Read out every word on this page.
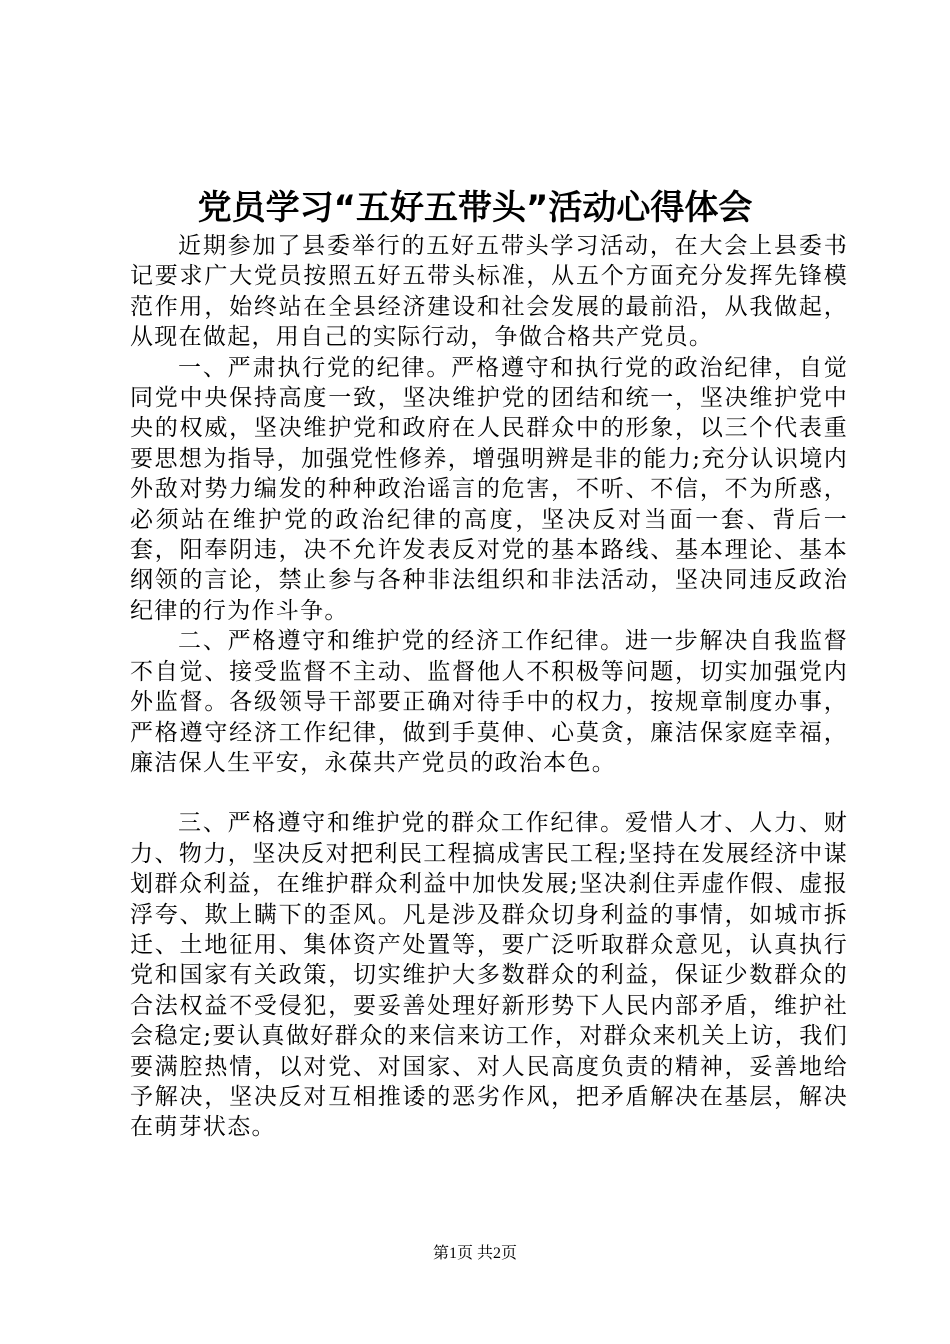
党员学习“五好五带头”活动心得体会

近期参加了县委举行的五好五带头学习活动，在大会上县委书记要求广大党员按照五好五带头标准，从五个方面充分发挥先锋模范作用，始终站在全县经济建设和社会发展的最前沿，从我做起，从现在做起，用自己的实际行动，争做合格共产党员。

一、严肃执行党的纪律。严格遵守和执行党的政治纪律，自觉同党中央保持高度一致，坚决维护党的团结和统一，坚决维护党中央的权威，坚决维护党和政府在人民群众中的形象，以三个代表重要思想为指导，加强党性修养，增强明辨是非的能力;充分认识境内外敌对势力编发的种种政治谣言的危害，不听、不信，不为所惑，必须站在维护党的政治纪律的高度，坚决反对当面一套、背后一套，阳奉阴违，决不允许发表反对党的基本路线、基本理论、基本纲领的言论，禁止参与各种非法组织和非法活动，坚决同违反政治纪律的行为作斗争。

二、严格遵守和维护党的经济工作纪律。进一步解决自我监督不自觉、接受监督不主动、监督他人不积极等问题，切实加强党内外监督。各级领导干部要正确对待手中的权力，按规章制度办事，严格遵守经济工作纪律，做到手莫伸、心莫贪，廉洁保家庭幸福，廉洁保人生平安，永葆共产党员的政治本色。

三、严格遵守和维护党的群众工作纪律。爱惜人才、人力、财力、物力，坚决反对把利民工程搞成害民工程;坚持在发展经济中谋划群众利益，在维护群众利益中加快发展;坚决刹住弄虚作假、虚报浮夸、欺上瞒下的歪风。凡是涉及群众切身利益的事情，如城市拆迁、土地征用、集体资产处置等，要广泛听取群众意见，认真执行党和国家有关政策，切实维护大多数群众的利益，保证少数群众的合法权益不受侵犯，要妥善处理好新形势下人民内部矛盾，维护社会稳定;要认真做好群众的来信来访工作，对群众来机关上访，我们要满腔热情，以对党、对国家、对人民高度负责的精神，妥善地给予解决，坚决反对互相推诿的恶劣作风，把矛盾解决在基层，解决在萌芽状态。

第1页 共2页
